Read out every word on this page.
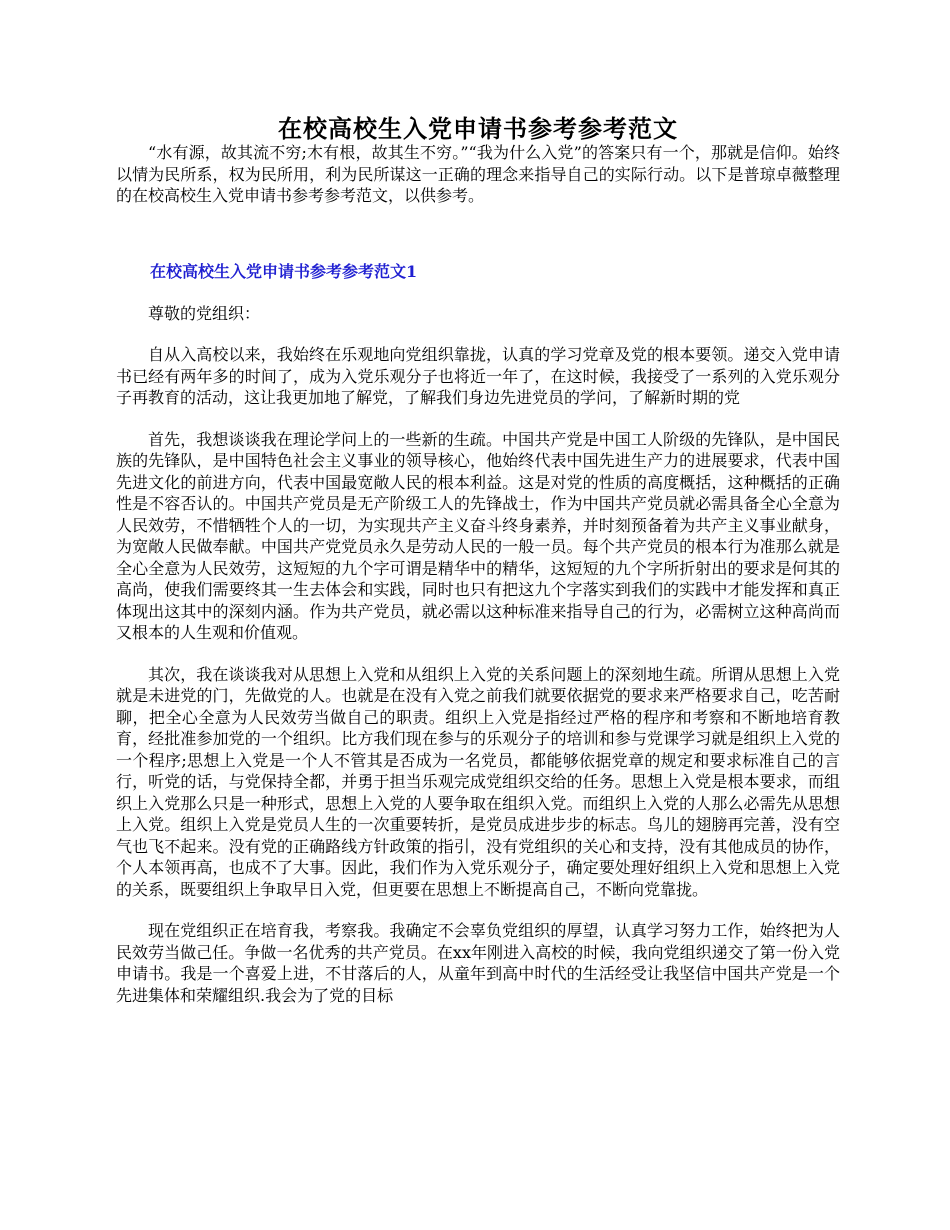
在校高校生入党申请书参考参考范文

“水有源，故其流不穷;木有根，故其生不穷。”“我为什么入党”的答案只有一个，那就是信仰。始终以情为民所系，权为民所用，利为民所谋这一正确的理念来指导自己的实际行动。以下是普琼卓薇整理的在校高校生入党申请书参考参考范文，以供参考。

在校高校生入党申请书参考参考范文1

尊敬的党组织：

自从入高校以来，我始终在乐观地向党组织靠拢，认真的学习党章及党的根本要领。递交入党申请书已经有两年多的时间了，成为入党乐观分子也将近一年了，在这时候，我接受了一系列的入党乐观分子再教育的活动，这让我更加地了解党，了解我们身边先进党员的学问，了解新时期的党

首先，我想谈谈我在理论学问上的一些新的生疏。中国共产党是中国工人阶级的先锋队，是中国民族的先锋队，是中国特色社会主义事业的领导核心，他始终代表中国先进生产力的进展要求，代表中国先进文化的前进方向，代表中国最宽敞人民的根本利益。这是对党的性质的高度概括，这种概括的正确性是不容否认的。中国共产党员是无产阶级工人的先锋战士，作为中国共产党员就必需具备全心全意为人民效劳，不惜牺牲个人的一切，为实现共产主义奋斗终身素养，并时刻预备着为共产主义事业献身，为宽敞人民做奉献。中国共产党党员永久是劳动人民的一般一员。每个共产党员的根本行为准那么就是全心全意为人民效劳，这短短的九个字可谓是精华中的精华，这短短的九个字所折射出的要求是何其的高尚，使我们需要终其一生去体会和实践，同时也只有把这九个字落实到我们的实践中才能发挥和真正体现出这其中的深刻内涵。作为共产党员，就必需以这种标准来指导自己的行为，必需树立这种高尚而又根本的人生观和价值观。

其次，我在谈谈我对从思想上入党和从组织上入党的关系问题上的深刻地生疏。所谓从思想上入党就是未进党的门，先做党的人。也就是在没有入党之前我们就要依据党的要求来严格要求自己，吃苦耐聊，把全心全意为人民效劳当做自己的职责。组织上入党是指经过严格的程序和考察和不断地培育教育，经批准参加党的一个组织。比方我们现在参与的乐观分子的培训和参与党课学习就是组织上入党的一个程序;思想上入党是一个人不管其是否成为一名党员，都能够依据党章的规定和要求标准自己的言行，听党的话，与党保持全都，并勇于担当乐观完成党组织交给的任务。思想上入党是根本要求，而组织上入党那么只是一种形式，思想上入党的人要争取在组织入党。而组织上入党的人那么必需先从思想上入党。组织上入党是党员人生的一次重要转折，是党员成进步步的标志。鸟儿的翅膀再完善，没有空气也飞不起来。没有党的正确路线方针政策的指引，没有党组织的关心和支持，没有其他成员的协作，个人本领再高，也成不了大事。因此，我们作为入党乐观分子，确定要处理好组织上入党和思想上入党的关系，既要组织上争取早日入党，但更要在思想上不断提高自己，不断向党靠拢。

现在党组织正在培育我，考察我。我确定不会辜负党组织的厚望，认真学习努力工作，始终把为人民效劳当做己任。争做一名优秀的共产党员。在xx年刚进入高校的时候，我向党组织递交了第一份入党申请书。我是一个喜爱上进，不甘落后的人，从童年到高中时代的生活经受让我坚信中国共产党是一个先进集体和荣耀组织.我会为了党的目标
